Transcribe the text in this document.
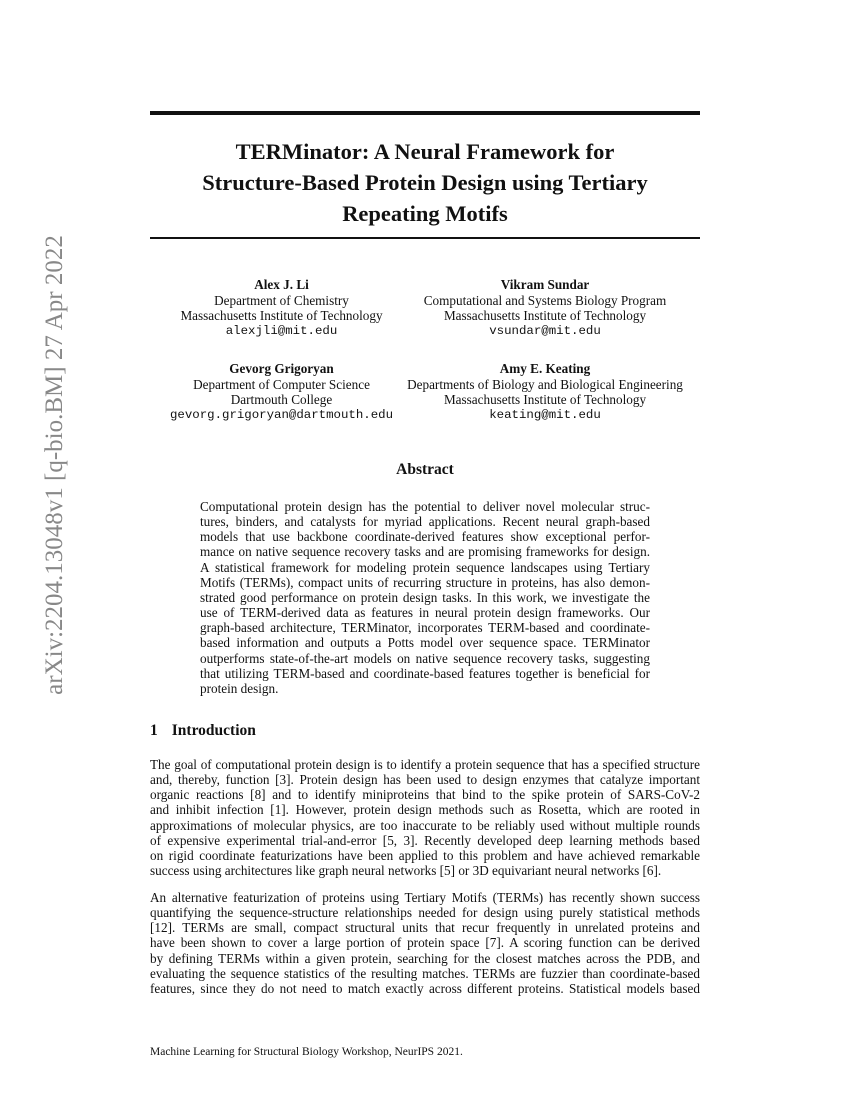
arXiv:2204.13048v1 [q-bio.BM] 27 Apr 2022
TERMinator: A Neural Framework for
Structure-Based Protein Design using Tertiary
Repeating Motifs
Alex J. Li
Department of Chemistry
Massachusetts Institute of Technology
alexjli@mit.edu
Vikram Sundar
Computational and Systems Biology Program
Massachusetts Institute of Technology
vsundar@mit.edu
Gevorg Grigoryan
Department of Computer Science
Dartmouth College
gevorg.grigoryan@dartmouth.edu
Amy E. Keating
Departments of Biology and Biological Engineering
Massachusetts Institute of Technology
keating@mit.edu
Abstract
Computational protein design has the potential to deliver novel molecular struc-
tures, binders, and catalysts for myriad applications. Recent neural graph-based
models that use backbone coordinate-derived features show exceptional perfor-
mance on native sequence recovery tasks and are promising frameworks for design.
A statistical framework for modeling protein sequence landscapes using Tertiary
Motifs (TERMs), compact units of recurring structure in proteins, has also demon-
strated good performance on protein design tasks. In this work, we investigate the
use of TERM-derived data as features in neural protein design frameworks. Our
graph-based architecture, TERMinator, incorporates TERM-based and coordinate-
based information and outputs a Potts model over sequence space. TERMinator
outperforms state-of-the-art models on native sequence recovery tasks, suggesting
that utilizing TERM-based and coordinate-based features together is beneficial for
protein design.
1 Introduction
The goal of computational protein design is to identify a protein sequence that has a specified structure
and, thereby, function [3]. Protein design has been used to design enzymes that catalyze important
organic reactions [8] and to identify miniproteins that bind to the spike protein of SARS-CoV-2
and inhibit infection [1]. However, protein design methods such as Rosetta, which are rooted in
approximations of molecular physics, are too inaccurate to be reliably used without multiple rounds
of expensive experimental trial-and-error [5, 3]. Recently developed deep learning methods based
on rigid coordinate featurizations have been applied to this problem and have achieved remarkable
success using architectures like graph neural networks [5] or 3D equivariant neural networks [6].
An alternative featurization of proteins using Tertiary Motifs (TERMs) has recently shown success
quantifying the sequence-structure relationships needed for design using purely statistical methods
[12]. TERMs are small, compact structural units that recur frequently in unrelated proteins and
have been shown to cover a large portion of protein space [7]. A scoring function can be derived
by defining TERMs within a given protein, searching for the closest matches across the PDB, and
evaluating the sequence statistics of the resulting matches. TERMs are fuzzier than coordinate-based
features, since they do not need to match exactly across different proteins. Statistical models based
Machine Learning for Structural Biology Workshop, NeurIPS 2021.
